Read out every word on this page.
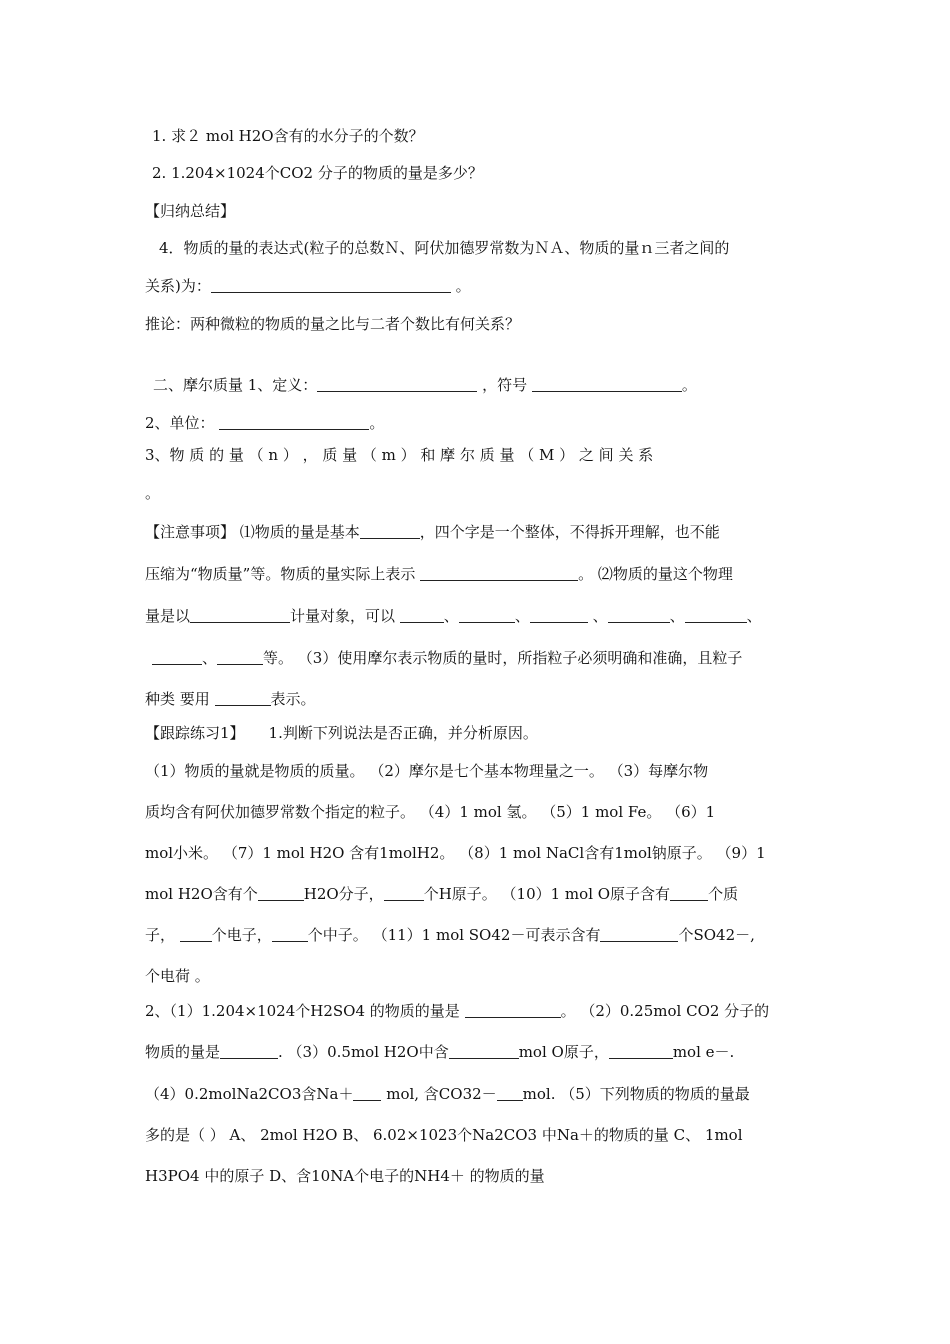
1. 求２ mol H2O含有的水分子的个数？
2. 1.204×1024个CO2 分子的物质的量是多少？
【归纳总结】
4．物质的量的表达式(粒子的总数Ｎ、阿伏加德罗常数为ＮＡ、物质的量ｎ三者之间的
关系)为：	。
推论：两种微粒的物质的量之比与二者个数比有何关系？
二、摩尔质量 1、定义：	，符号	。
2、单位：	。
3、物 质 的 量 （ n ） ， 质 量 （ m ） 和 摩 尔 质 量 （ M ） 之 间 关 系
。
【注意事项】 ⑴物质的量是基本	，四个字是一个整体，不得拆开理解，也不能
压缩为“物质量”等。物质的量实际上表示	。 ⑵物质的量这个物理
量是以	计量对象，可以	、	、	、	、	、
、	等。 （3）使用摩尔表示物质的量时，所指粒子必须明确和准确，且粒子
种类 要用	表示。
【跟踪练习1】 1.判断下列说法是否正确，并分析原因。
（1）物质的量就是物质的质量。 （2）摩尔是七个基本物理量之一。 （3）每摩尔物
质均含有阿伏加德罗常数个指定的粒子。 （4）1 mol 氢。 （5）1 mol Fe。 （6）1
mol小米。 （7）1 mol H2O 含有1molH2。 （8）1 mol NaCl含有1mol钠原子。 （9）1
mol H2O含有个	H2O分子，	个H原子。 （10）1 mol O原子含有	个质
子， 个电子， 个中子。 （11）1 mol SO42－可表示含有	个SO42－,
个电荷 。
2、（1）1.204×1024个H2SO4 的物质的量是	。 （2）0.25mol CO2 分子的
物质的量是	. （3）0.5mol H2O中含	mol O原子，	mol e－.
（4）0.2molNa2CO3含Na＋ mol, 含CO32－ mol. （5）下列物质的物质的量最
多的是（ ） A、 2mol H2O B、 6.02×1023个Na2CO3 中Na＋的物质的量 C、 1mol
H3PO4 中的原子 D、含10NA个电子的NH4＋ 的物质的量
